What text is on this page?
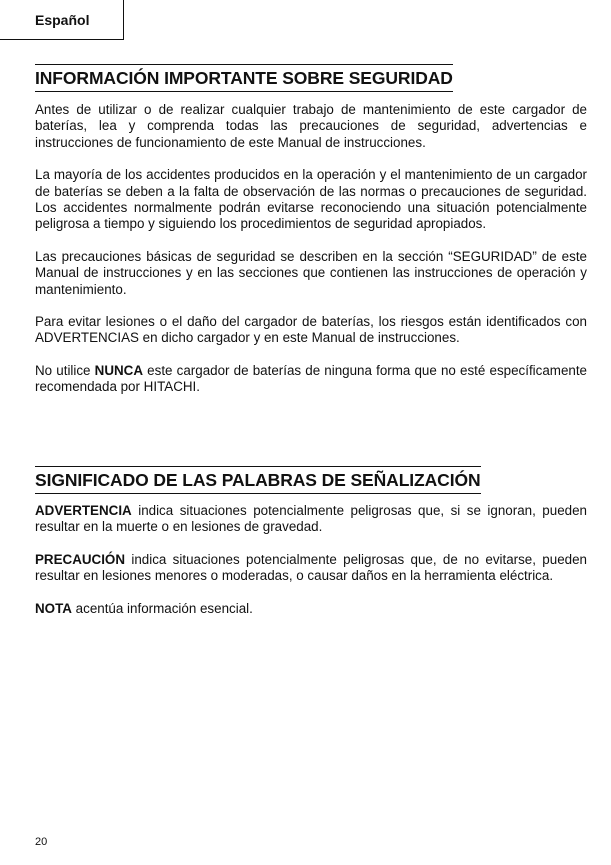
Español
INFORMACIÓN IMPORTANTE SOBRE SEGURIDAD

Antes de utilizar o de realizar cualquier trabajo de mantenimiento de este cargador de baterías, lea y comprenda todas las precauciones de seguridad, advertencias e instrucciones de funcionamiento de este Manual de instrucciones.

La mayoría de los accidentes producidos en la operación y el mantenimiento de un cargador de baterías se deben a la falta de observación de las normas o precauciones de seguridad. Los accidentes normalmente podrán evitarse reconociendo una situación potencialmente peligrosa a tiempo y siguiendo los procedimientos de seguridad apropiados.

Las precauciones básicas de seguridad se describen en la sección “SEGURIDAD” de este Manual de instrucciones y en las secciones que contienen las instrucciones de operación y mantenimiento.

Para evitar lesiones o el daño del cargador de baterías, los riesgos están identificados con ADVERTENCIAS en dicho cargador y en este Manual de instrucciones.

No utilice NUNCA este cargador de baterías de ninguna forma que no esté específicamente recomendada por HITACHI.

SIGNIFICADO DE LAS PALABRAS DE SEÑALIZACIÓN

ADVERTENCIA indica situaciones potencialmente peligrosas que, si se ignoran, pueden resultar en la muerte o en lesiones de gravedad.

PRECAUCIÓN indica situaciones potencialmente peligrosas que, de no evitarse, pueden resultar en lesiones menores o moderadas, o causar daños en la herramienta eléctrica.

NOTA acentúa información esencial.

20
